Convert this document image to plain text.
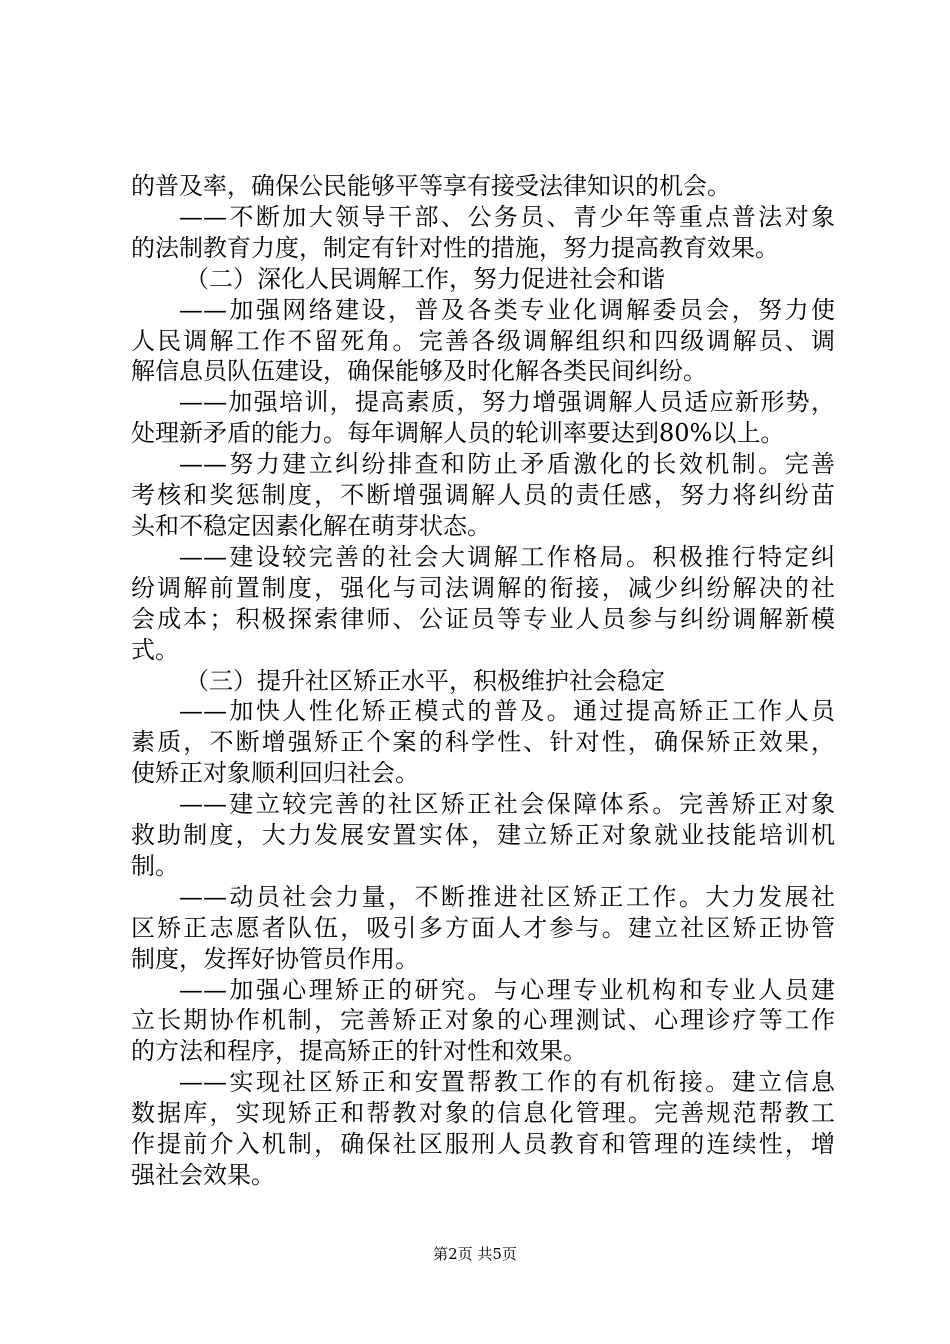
的普及率，确保公民能够平等享有接受法律知识的机会。
——不断加大领导干部、公务员、青少年等重点普法对象
的法制教育力度，制定有针对性的措施，努力提高教育效果。
（二）深化人民调解工作，努力促进社会和谐
——加强网络建设，普及各类专业化调解委员会，努力使
人民调解工作不留死角。完善各级调解组织和四级调解员、调
解信息员队伍建设，确保能够及时化解各类民间纠纷。
——加强培训，提高素质，努力增强调解人员适应新形势，
处理新矛盾的能力。每年调解人员的轮训率要达到80%以上。
——努力建立纠纷排查和防止矛盾激化的长效机制。完善
考核和奖惩制度，不断增强调解人员的责任感，努力将纠纷苗
头和不稳定因素化解在萌芽状态。
——建设较完善的社会大调解工作格局。积极推行特定纠
纷调解前置制度，强化与司法调解的衔接，减少纠纷解决的社
会成本；积极探索律师、公证员等专业人员参与纠纷调解新模
式。
（三）提升社区矫正水平，积极维护社会稳定
——加快人性化矫正模式的普及。通过提高矫正工作人员
素质，不断增强矫正个案的科学性、针对性，确保矫正效果，
使矫正对象顺利回归社会。
——建立较完善的社区矫正社会保障体系。完善矫正对象
救助制度，大力发展安置实体，建立矫正对象就业技能培训机
制。
——动员社会力量，不断推进社区矫正工作。大力发展社
区矫正志愿者队伍，吸引多方面人才参与。建立社区矫正协管
制度，发挥好协管员作用。
——加强心理矫正的研究。与心理专业机构和专业人员建
立长期协作机制，完善矫正对象的心理测试、心理诊疗等工作
的方法和程序，提高矫正的针对性和效果。
——实现社区矫正和安置帮教工作的有机衔接。建立信息
数据库，实现矫正和帮教对象的信息化管理。完善规范帮教工
作提前介入机制，确保社区服刑人员教育和管理的连续性，增
强社会效果。
第2页 共5页
